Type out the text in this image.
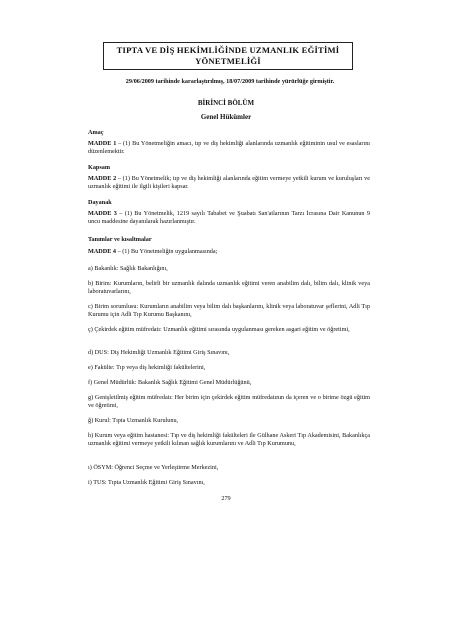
TIPTA VE DİŞ HEKİMLİĞİNDE UZMANLIK EĞİTİMİ
YÖNETMELİĞİ
29/06/2009 tarihinde kararlaştırılmış, 18/07/2009 tarihinde yürürlüğe girmiştir.
BİRİNCİ BÖLÜM
Genel Hükümler
Amaç
MADDE 1 – (1) Bu Yönetmeliğin amacı, tıp ve diş hekimliği alanlarında uzmanlık eğitiminin usul ve esaslarını düzenlemektir.
Kapsam
MADDE 2 – (1) Bu Yönetmelik; tıp ve diş hekimliği alanlarında eğitim vermeye yetkili kurum ve kuruluşları ve uzmanlık eğitimi ile ilgili kişileri kapsar.
Dayanak
MADDE 3 – (1) Bu Yönetmelik, 1219 sayılı Tababet ve Şuabatı San'atlarının Tarzı İcrasına Dair Kanunun 9 uncu maddesine dayanılarak hazırlanmıştır.
Tanımlar ve kısaltmalar
MADDE 4 – (1) Bu Yönetmeliğin uygulanmasında;
a) Bakanlık: Sağlık Bakanlığını,
b) Birim: Kurumların, belirli bir uzmanlık dalında uzmanlık eğitimi veren anabilim dalı, bilim dalı, klinik veya laboratuvarlarını,
c) Birim sorumlusu: Kurumların anabilim veya bilim dalı başkanlarını, klinik veya laboratuvar şeflerini, Adli Tıp Kurumu için Adli Tıp Kurumu Başkanını,
ç) Çekirdek eğitim müfredatı: Uzmanlık eğitimi sırasında uygulanması gereken asgari eğitim ve öğretimi,
d) DUS: Diş Hekimliği Uzmanlık Eğitimi Giriş Sınavını,
e) Fakülte: Tıp veya diş hekimliği fakültelerini,
f) Genel Müdürlük: Bakanlık Sağlık Eğitimi Genel Müdürlüğünü,
g) Genişletilmiş eğitim müfredatı: Her birim için çekirdek eğitim müfredatının da içeren ve o birime özgü eğitim ve öğretimi,
ğ) Kurul: Tıpta Uzmanlık Kurulunu,
h) Kurum veya eğitim hastanesi: Tıp ve diş hekimliği fakülteleri ile Gülhane Askeri Tıp Akademisini, Bakanlıkça uzmanlık eğitimi vermeye yetkili kılınan sağlık kurumlarını ve Adli Tıp Kurumunu,
ı) ÖSYM: Öğrenci Seçme ve Yerleştirme Merkezini,
i) TUS: Tıpta Uzmanlık Eğitimi Giriş Sınavını,
279
